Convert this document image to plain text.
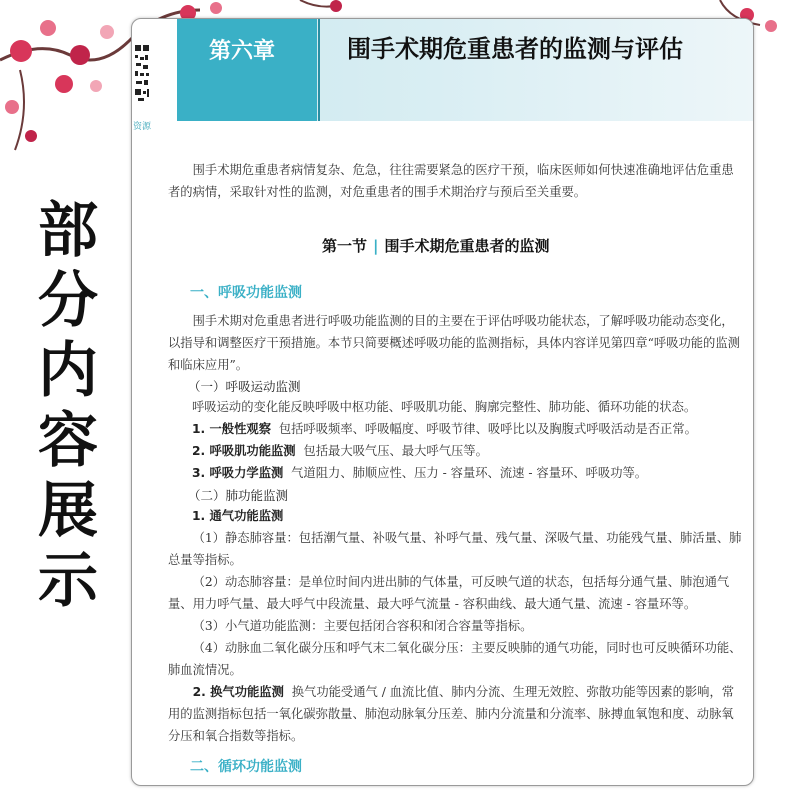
部
分
内
容
展
示
资源
第六章	围手术期危重患者的监测与评估
围手术期危重患者病情复杂、危急，往往需要紧急的医疗干预，临床医师如何快速准确地评估危重患者的病情，采取针对性的监测，对危重患者的围手术期治疗与预后至关重要。
第一节 | 围手术期危重患者的监测
一、呼吸功能监测
围手术期对危重患者进行呼吸功能监测的目的主要在于评估呼吸功能状态，了解呼吸功能动态变化，以指导和调整医疗干预措施。本节只简要概述呼吸功能的监测指标，具体内容详见第四章“呼吸功能的监测和临床应用”。
（一）呼吸运动监测
呼吸运动的变化能反映呼吸中枢功能、呼吸肌功能、胸廓完整性、肺功能、循环功能的状态。
1. 一般性观察 包括呼吸频率、呼吸幅度、呼吸节律、吸呼比以及胸腹式呼吸活动是否正常。
2. 呼吸肌功能监测 包括最大吸气压、最大呼气压等。
3. 呼吸力学监测 气道阻力、肺顺应性、压力 - 容量环、流速 - 容量环、呼吸功等。
（二）肺功能监测
1. 通气功能监测
（1）静态肺容量：包括潮气量、补吸气量、补呼气量、残气量、深吸气量、功能残气量、肺活量、肺总量等指标。
（2）动态肺容量：是单位时间内进出肺的气体量，可反映气道的状态，包括每分通气量、肺泡通气量、用力呼气量、最大呼气中段流量、最大呼气流量 - 容积曲线、最大通气量、流速 - 容量环等。
（3）小气道功能监测：主要包括闭合容积和闭合容量等指标。
（4）动脉血二氧化碳分压和呼气末二氧化碳分压：主要反映肺的通气功能，同时也可反映循环功能、肺血流情况。
2. 换气功能监测 换气功能受通气 / 血流比值、肺内分流、生理无效腔、弥散功能等因素的影响，常用的监测指标包括一氧化碳弥散量、肺泡动脉氧分压差、肺内分流量和分流率、脉搏血氧饱和度、动脉氧分压和氧合指数等指标。
二、循环功能监测
